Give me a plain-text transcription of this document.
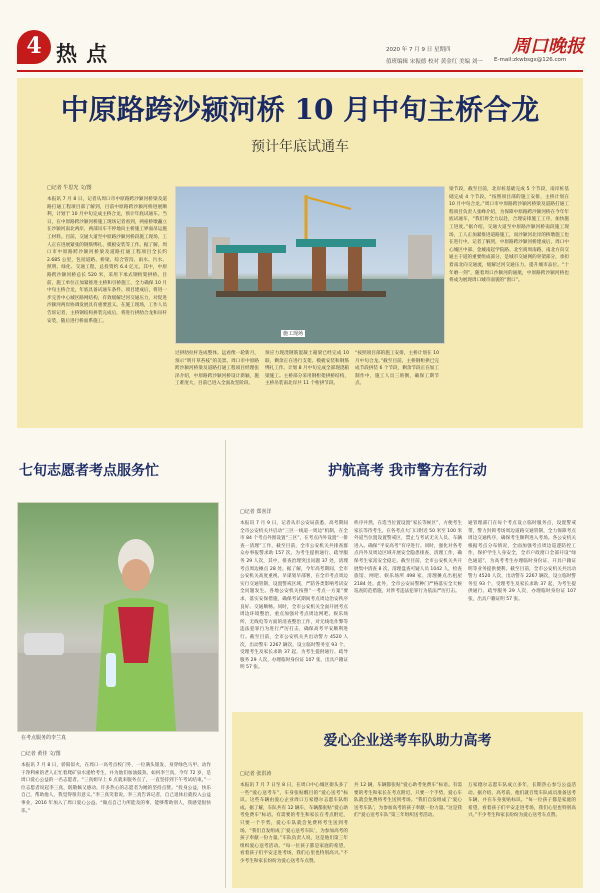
4 热 点	2020 年 7 月 9 日 星期四
值班编辑 宋振德 校对 黄金红 美编 刘一
周口晚报
E-mail:zkwbsgx@126.com
中原路跨沙颍河桥 10 月中旬主桥合龙
预计年底试通车
□记者 牛思光 文/图

本报讯 7 月 8 日，记者从周口市中原路跨沙颍河桥梁及道路打通工程项目部了解到，目前中原路跨沙颍河桥进展顺利，计划于 10 月中旬完成主桥合龙，预计年底试通车。当日，在中原路跨沙颍河桥施工现场记者看到，两座桥墩矗立在沙颍河南北两岸，两部吊车不停地向主桥施工界面吊运施工材料。目前，交通大道至中原路沙颍河桥段施工现场，工人正在进展紧张的钢筋绑扎、模板安装等工作。据了解，周口市中原路跨沙颍河桥梁及道路打通工程项目全长约 2.685 公里，包括道路、桥梁、综合管沟、雨水、污水、照明、绿化、交通工程，总投资约 6.4 亿元。其中，中原路跨沙颍河桥总长 520 米，采用下承式钢桁架拱桥。目前，施工单位正加紧推进主桥和引桥施工，全力确保 10 月中旬主桥合龙，年底具备试通车条件。项目建成后，将进一步完善中心城区路网结构，有效缓解过河交通压力，对促进沙颍河两岸协调发展具有重要意义。在施工现场，工作人员告诉记者，主桥钢结构拼装完成后，将进行拱肋合龙和吊杆安装，随后进行桥面系施工。

施工现场

过拱肋拉杆连成整体。远看像一轮新月，预示“明月草苔枝”的美景。周口市中原路跨沙颍河桥梁及道路打通工程项目经理张泽介绍，中原路跨沙颍河桥设计新颖，施工难度大，目前已进入全面攻坚阶段。

预应力现浇钢筋混凝土箱梁已经完成 10 联，剩余正在进行支架、模板安装和钢筋绑扎工作。计划 8 月中旬完成全部现浇箱梁施工。主桥部分采用钢桁架拱桥结构，主桥吊装南北岸共 11 个桁拱节段。

“按照项目部的施工安排，主桥计划在 10 月中旬合龙。”截至目前，主桥钢桁拱已完成节段拼装 6 个节段，剩余节段正在加工制作中，施工人员三班倒，确保工期节点。

梁节段，截至目前，北岸桩基础完成 5 个节段，南岸桩基础完成 4 个节段。“按照项目部的施工安排，主桥计划在 10 月中旬合龙。”周口市中原路跨沙颍河桥梁及道路打通工程项目负责人张峰介绍，为保障中原路跨沙颍河桥在今年年底试通车，“我们将全力以赴，合理安排施工工序，加快施工进度。”据介绍，交通大道至中原路沙颍河桥南段施工现场，工人正加紧推进道路施工，而沙颍河北岸的桥墩施工也在进行中。记者了解到，中原路跨沙颍河桥建成后，周口中心城区中部、金城南起学院路、北至商周南路，南北方向交通主干道的重要组成部分，是城市交通网的骨架部分，承担着南北向交通流，缓解过河交通压力，提升城市品位。“十年磨一剑”，随着周口沙颍河的通航，中原路跨沙颍河桥也将成为展现周口城市面貌的“窗口”。

七旬志愿者考点服务忙
在考点服务的李兰真
□记者 黄佳 文/图

本报讯 7 月 8 日，骄阳似火，在周口一高考点校门外，一位满头银发、身穿绿色马甲、动作干净利索的老人正忙着爬矿泉水递给考生，并为他们加油鼓劲。如何李兰真，今年 72 岁，是周口爱心公益的一名志愿者。“三真姐早上 6 点就来服务点了，一直坚持到下午考试结束。”一位志愿者说起李三真，既敬佩又感动。许多热心的志愿者为她的坚持点赞。“投身公益，快乐自己，帮助他人，我觉得很有意义。”李三真笑着说。李三真告诉记者，自己退休后就投入公益事业，2016 年加入了周口爱心公益。“做点自己力所能及的事，能够帮助别人，我感觉很快乐。”

护航高考 我市警方在行动
□记者 郑喜洋

本报讯 7 月 9 日，记者从市公安局获悉，高考期间全市公安机关共启动“三区一线道一周边”机制，在全市 84 个考点外围设置“三区”，在考点内外设置“一排查一清理”工作，截至目前，全市公安机关共排查群众办事报警求助 157 次，为考生提供通行、疏导服务 29 人次，其中，排查治理突出问题 37 处，清理考点周边摊点 28 处。据了解，今年高考期间，全市公安机关高度重视，早谋划早部署，在全市考点周边实行交通管制，设置警戒区域，严防各类影响考试安全问题发生。各地公安机关按照“一考点一方案”要求，落实安保措施，确保考试期间考点周边治安秩序良好、交通顺畅。同时，全市公安机关全面开展考点周边环境整治，重点加强对考点周边网吧、娱乐场所、无线电等方面的清查整治工作，对无线电作弊等违法犯罪行为进行严厉打击，确保高考平安顺利进行。截至目前，全市公安机关共出动警力 4520 人次，出动警车 2267 辆次，设立临时警务室 93 个，受理考生及家长求助 37 起，为考生提供通行、疏导服务 29 人次，办理临时身份证 107 张，出具户籍证明 57 张。

秩序井然，在选当位置设置“家长等候区”，方便考生家长等待考生。在各考点大门口附近 50 米至 100 米外道当位置设置警戒区，禁止与考试无关人员、车辆进入。确保“平安高考”有序进行。同时，强化对各考点内外及周边区域开展安全隐患排查、清理工作，确保考生家富安全稳定。截至目前，全市公安机关共开展集中清查 8 次，清理盘查可疑人员 1042 人，检查旅馆、网吧、娱乐场所 498 家，清理摊点出租屋 2184 处。此外，全市公安局警种门严格落实全天候巡查防范措施，对涉考违法犯罪行为依法严厉打击。

通管理部门在每个考点设立临时服务点，设置警戒带，警力封锁考场周边道路交通管制，全力保障考点周边交通秩序，确保考生顺利进入考场。各公安机关根据考点分布情况，全面加强考点周边巡逻防控工作，保护学生人身安全，全市户政窗口全部开设“绿色通道”，为高考考生办理临时身份证、开具户籍证明等业务提供便利。截至目前，全市公安机关共出动警力 4520 人次，出动警车 2267 辆次，设立临时警务室 93 个，受理考生及家长求助 37 起，为考生提供通行、疏导服务 29 人次，办理临时身份证 107 张，出具户籍证明 57 张。

爱心企业送考车队助力高考
□记者 张洪涛

本报讯 7 月 7 日至 8 日，在周口中心城区街头多了一些“爱心送考车”，车身张贴醒目的“爱心送考”标识。这些车辆由爱心企业周口万家德尔志愿车队组成。据了解，车队共有 12 辆车，车辆都张贴“爱心助考免费车”标语。有需要的考生和家长在考点附近，只要一个手势，爱心车队就会免费将考生送到考场。“我们自发组成了‘爱心送考车队’，为参加高考的孩子奉献一份力量。”车队负责人说，这是他们第三年组织爱心送考活动。“每一位孩子都是家庭的希望，看着孩子们平安走进考场，我们心里也特别高兴。”不少考生和家长纷纷为爱心送考车点赞。

共 12 辆，车辆都张贴“爱心助考免费车”标语。有需要的考生和家长在考点附近，只要一个手势，爱心车队就会免费将考生送到考场。“我们自发组成了‘爱心送考车队’，为参加高考的孩子奉献一份力量。”这是我们“爱心送考车队”第三年组织送考活动。

万家德尔志愿车队成立多年，长期热心参与公益活动。据介绍，高考前，他们就召集车队成员准备送考车辆，并在车身张贴标识。“每一位孩子都是家庭的希望，看着孩子们平安走进考场，我们心里也特别高兴。”不少考生和家长纷纷为爱心送考车点赞。
